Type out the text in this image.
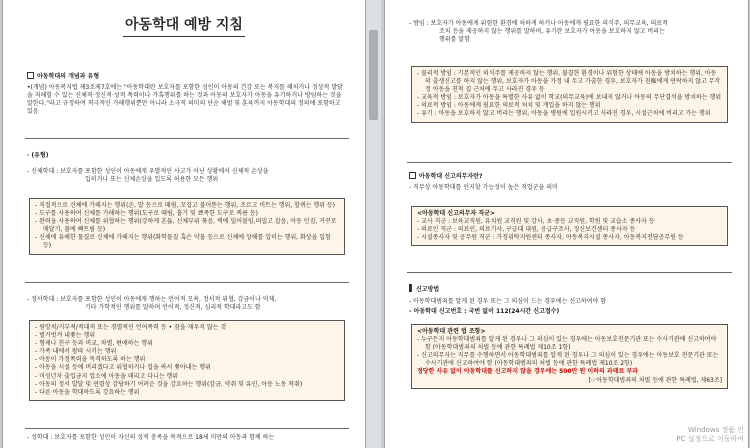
아동학대 예방 지침
아동학대의 개념과 유형
•(개념) 아동복지법 제3조제7호에는 "아동학대란 보호자를 포함한 성인이 아동의 건강 또는 복지를 해치거나 정상적 발달을 저해할 수 있는 신체적·정신적·성적 폭력이나 가혹행위를 하는 것과 아동의 보호자가 아동을 유기하거나 방임하는 것을 말한다."라고 규정하여 적극적인 가해행위뿐만 아니라 소극적 의미의 단순 체벌 및 훈육까지 아동학대의 정의에 포함하고 있음
· (유형)
- 신체학대 : 보호자를 포함한 성인이 아동에게 우발적인 사고가 아닌 상황에서 신체적 손상을
입히거나 또는 신체손상을 입도록 허용한 모든 행위
- 직접적으로 신체에 가해지는 행위(손, 발 등으로 때림, 꼬집고 물어뜯는 행위, 조르고 비트는 행위, 할퀴는 행위 등)
- 도구를 사용하여 신체를 가해하는 행위(도구로 때림, 흉기 및 뾰족한 도구로 찌름 등)
- 완력을 사용하여 신체를 위협하는 행위(강하게 흔듦, 신체부위 묶음, 벽에 밀어붙임,떠밀고 잡음, 아동 던짐, 거꾸로 매달기, 물에 빠트림 등)
- 신체에 유해한 물질로 신체에 가해지는 행위(화학물질 혹은 약물 등으로 신체에 상해를 입히는 행위, 화상을 입힘 등)
- 정서학대 : 보호자를 포함한 성인이 아동에게 행하는 언어적 모욕, 정서적 위협, 감금이나 억제,
기타 가학적인 행위를 말하며 언어적, 정신적, 심리적 학대라고도 함
- 원망적/거부적/적대적 또는 경멸적인 언어폭력 등 • 잠을 재우지 않는 것
- 벌거벗겨 내쫓는 행위
- 형제나 친구 등과 비교, 차별, 편애하는 행위
- 가족 내에서 왕따 시키는 행위
- 아동이 가정폭력을 목격하도록 하는 행위
- 아동을 시설 등에 버리겠다고 위협하거나 집을 싸서 쫓아내는 행위
- 미성년자 출입금지 업소에 아동을 데리고 다니는 행위
- 아동의 정서 발달 및 연령상 감당하기 어려운 것을 강요하는 행위(감금, 약취 및 유인, 아동 노동 착취)
- 다른 아동을 학대하도록 강요하는 행위
- 성학대 : 보호자를 포함한 성인이 자신의 성적 충족을 목적으로 18세 미만의 아동과 함께 하는
- 방임 : 보호자가 아동에게 위험한 환경에 처하게 하거나 아동에게 필요한 의식주, 의무교육, 의료적
조치 등을 제공하지 않는 행위를 말하며, 유기란 보호자가 아동을 보호하지 않고 버리는
행위를 말함
- 물리적 방임 : 기본적인 의식주를 제공하지 않는 행위, 불결한 환경이나 위험한 상태에 아동을 방치하는 행위, 아동의 출생신고를 하지 않는 행위, 보호자가 아동을 가정 내 두고 가출한 경우, 보호자가 친権에게 연락하지 않고 무작정 아동을 친척 집 근처에 두고 사라진 경우 등
- 교육적 방임 : 보호자가 아동을 특별한 사유 없이 학교(의무교육)에 보내지 않거나 아동의 무단결석을 방치하는 행위
- 의료적 방임 : 아동에게 필요한 의료적 처치 및 개입을 하지 않는 행위
- 유기 : 아동을 보호하지 않고 버리는 행위, 아동을 병원에 입원시키고 사라진 경우, 시설근처에 버리고 가는 행위
아동학대 신고의무자란?
- 직무상 아동학대를 인지할 가능성이 높은 직업군을 의미
<아동학대 신고의무자 직군>
- 교사 직군 : 보육교직원, 유치원 교직원 및 강사, 초·중등 교직원, 학원 및 교습소 종사자 등
- 의료인 직군 : 의료인, 의료기사, 구급대 대원, 응급구조사, 정신보건센터 종사자 등
- 시설종사자 및 공무원 직군 : 가정위탁지원센터 종사자, 아동복지시설 종사자, 아동복지전담공무원 등
신고방법
- 아동학대범죄를 알게 된 경우 또는 그 의심이 드는 경우에는 신고하여야 함
- 아동학대 신고번호 : 국번 없이 112(24시간 신고접수)
<아동학대 관련 법 조항>
- 누구든지 아동학대범죄를 알게 된 경우나 그 의심이 있는 경우에는 아동보호전문기관 또는 수사기관에 신고하여야 함 (아동학대범죄의 처벌 등에 관한 특례법 제10조 1항)
- 신고의무자는 직무를 수행하면서 아동학대범죄를 알게 된 경우나 그 의심이 있는 경우에는 아동보호 전문기관 또는 수사기관에 신고하여야 함 (아동학대범죄의 처벌 등에 관한 특례법 제10조 2항)
정당한 사유 없이 아동학대를 신고하지 않을 경우에는 500만 원 이하의 과태료 부과
[☞아동학대범죄의 처벌 등에 관한 특례법, 제63조]
Windows 정품 인
PC 설정으로 이동하여
